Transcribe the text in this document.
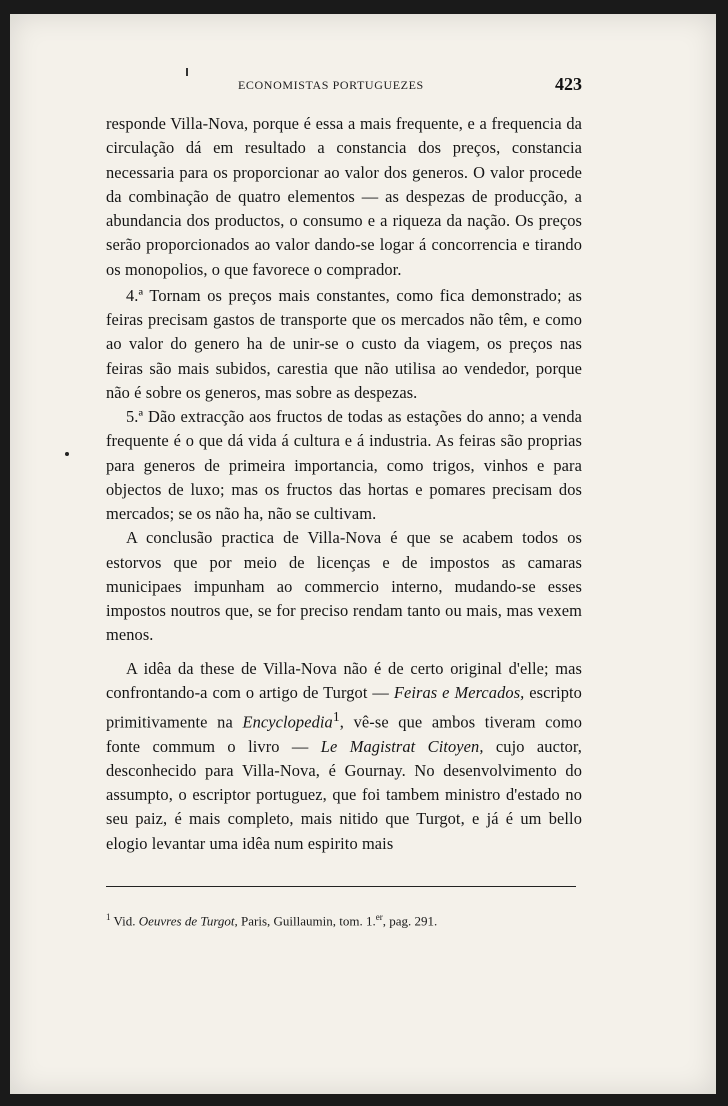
ECONOMISTAS PORTUGUEZES	423

responde Villa-Nova, porque é essa a mais frequente, e a frequencia da circulação dá em resultado a constancia dos preços, constancia necessaria para os proporcionar ao valor dos generos. O valor procede da combinação de quatro elementos — as despezas de producção, a abundancia dos productos, o consumo e a riqueza da nação. Os preços serão proporcionados ao valor dando-se logar á concorrencia e tirando os monopolios, o que favorece o comprador.

4.ª Tornam os preços mais constantes, como fica demonstrado; as feiras precisam gastos de transporte que os mercados não têm, e como ao valor do genero ha de unir-se o custo da viagem, os preços nas feiras são mais subidos, carestia que não utilisa ao vendedor, porque não é sobre os generos, mas sobre as despezas.

5.ª Dão extracção aos fructos de todas as estações do anno; a venda frequente é o que dá vida á cultura e á industria. As feiras são proprias para generos de primeira importancia, como trigos, vinhos e para objectos de luxo; mas os fructos das hortas e pomares precisam dos mercados; se os não ha, não se cultivam.

A conclusão practica de Villa-Nova é que se acabem todos os estorvos que por meio de licenças e de impostos as camaras municipaes impunham ao commercio interno, mudando-se esses impostos noutros que, se for preciso rendam tanto ou mais, mas vexem menos.

A idêa da these de Villa-Nova não é de certo original d'elle; mas confrontando-a com o artigo de Turgot — Feiras e Mercados, escripto primitivamente na Encyclopedia$^1$, vê-se que ambos tiveram como fonte commum o livro — Le Magistrat Citoyen, cujo auctor, desconhecido para Villa-Nova, é Gournay. No desenvolvimento do assumpto, o escriptor portuguez, que foi tambem ministro d'estado no seu paiz, é mais completo, mais nitido que Turgot, e já é um bello elogio levantar uma idêa num espirito mais

$^1$ Vid. Oeuvres de Turgot, Paris, Guillaumin, tom. 1.$^{er}$, pag. 291.
